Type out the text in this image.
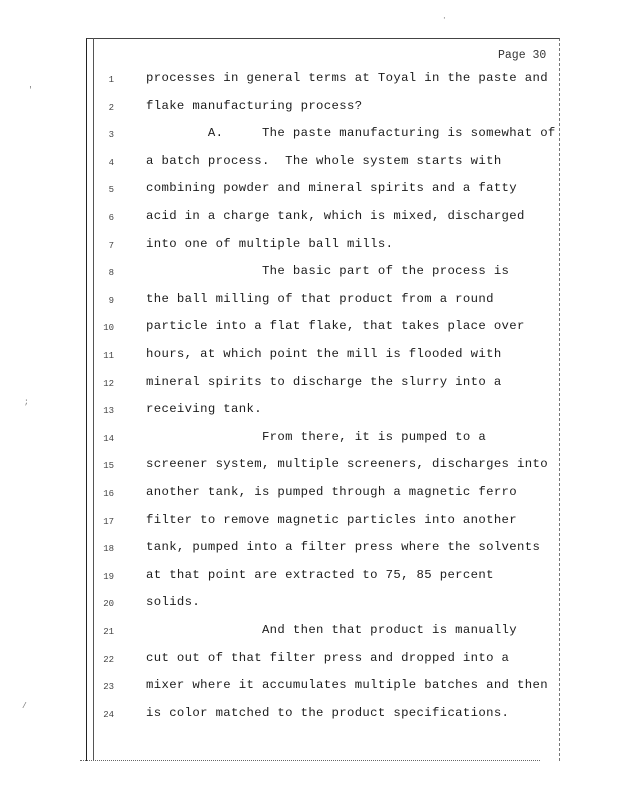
Page 30
1	processes in general terms at Toyal in the paste and
2	flake manufacturing process?
3	A.     The paste manufacturing is somewhat of
4	a batch process.  The whole system starts with
5	combining powder and mineral spirits and a fatty
6	acid in a charge tank, which is mixed, discharged
7	into one of multiple ball mills.
8	The basic part of the process is
9	the ball milling of that product from a round
10	particle into a flat flake, that takes place over
11	hours, at which point the mill is flooded with
12	mineral spirits to discharge the slurry into a
13	receiving tank.
14	From there, it is pumped to a
15	screener system, multiple screeners, discharges into
16	another tank, is pumped through a magnetic ferro
17	filter to remove magnetic particles into another
18	tank, pumped into a filter press where the solvents
19	at that point are extracted to 75, 85 percent
20	solids.
21	And then that product is manually
22	cut out of that filter press and dropped into a
23	mixer where it accumulates multiple batches and then
24	is color matched to the product specifications.
·
'
;
/
